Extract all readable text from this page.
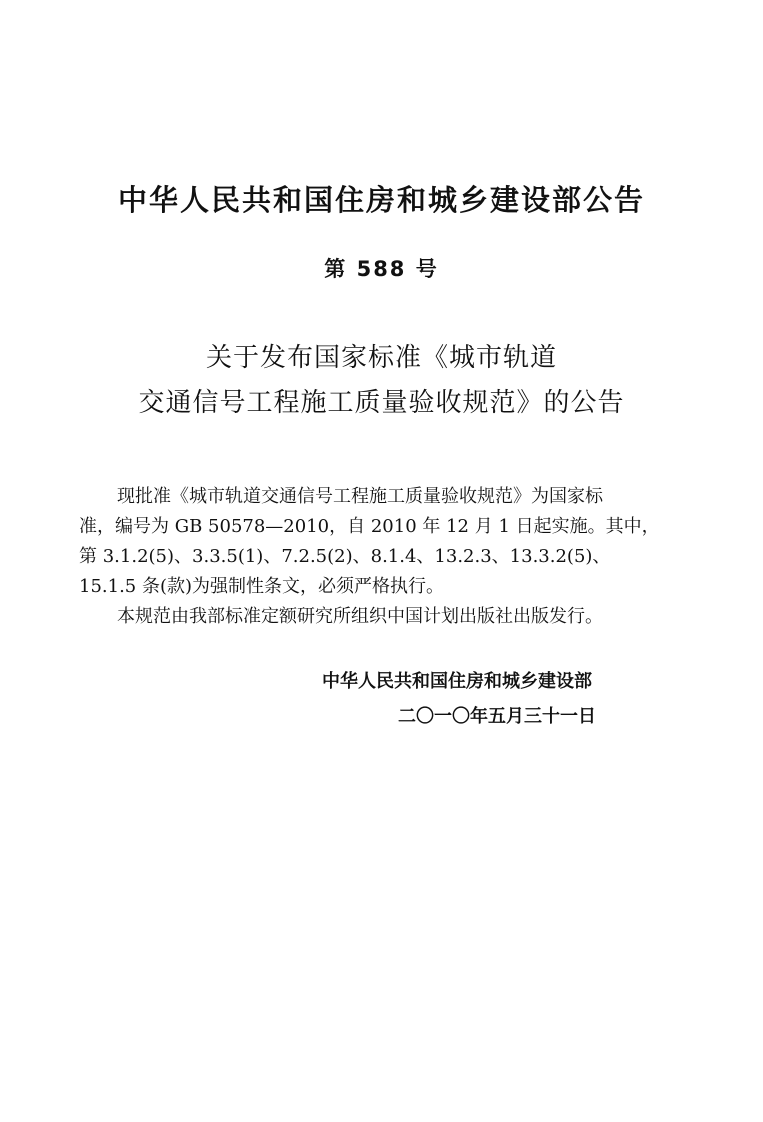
中华人民共和国住房和城乡建设部公告
第 588 号
关于发布国家标准《城市轨道
交通信号工程施工质量验收规范》的公告
现批准《城市轨道交通信号工程施工质量验收规范》为国家标
准，编号为 GB 50578—2010，自 2010 年 12 月 1 日起实施。其中，
第 3.1.2(5)、3.3.5(1)、7.2.5(2)、8.1.4、13.2.3、13.3.2(5)、
15.1.5 条(款)为强制性条文，必须严格执行。
本规范由我部标准定额研究所组织中国计划出版社出版发行。
中华人民共和国住房和城乡建设部
二〇一〇年五月三十一日
